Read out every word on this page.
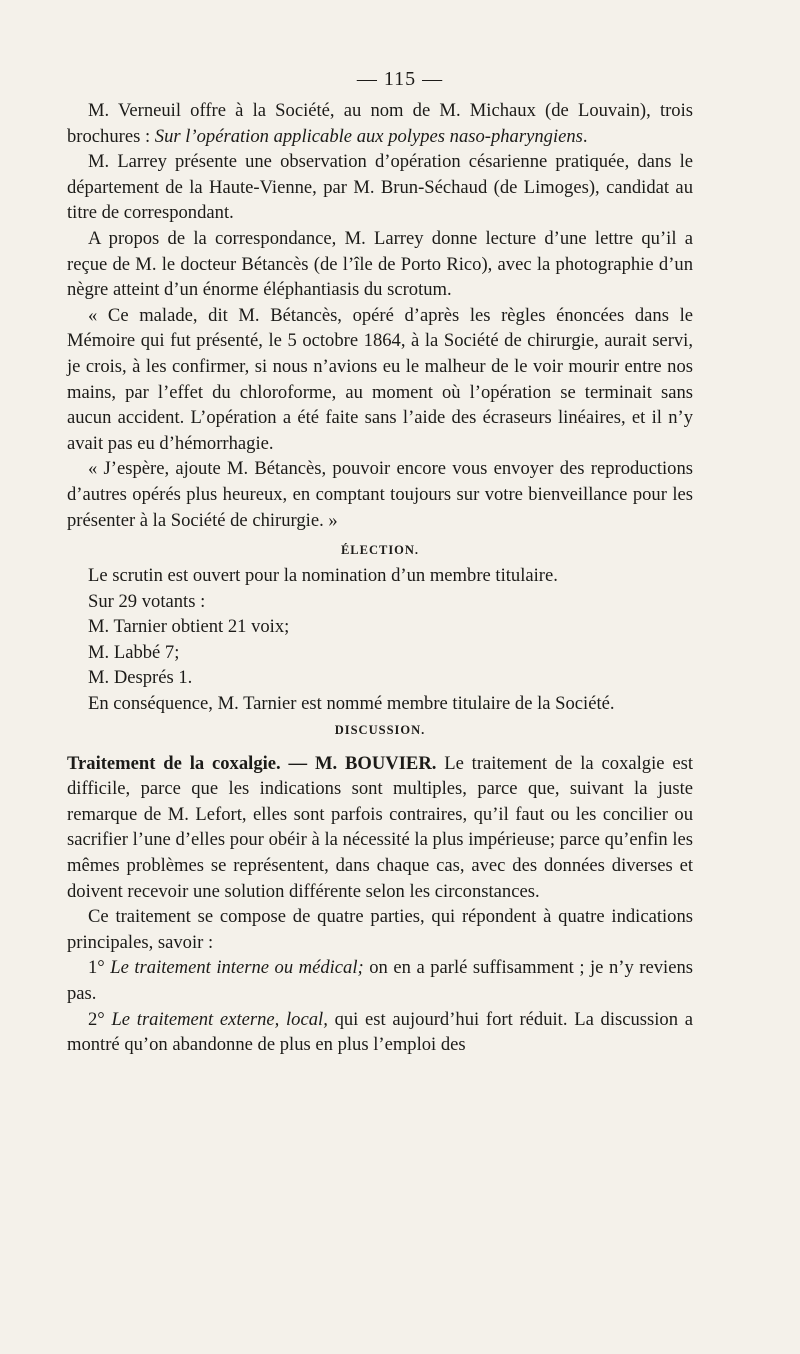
— 115 —

M. Verneuil offre à la Société, au nom de M. Michaux (de Louvain), trois brochures : Sur l’opération applicable aux polypes naso-pharyngiens.

M. Larrey présente une observation d’opération césarienne pratiquée, dans le département de la Haute-Vienne, par M. Brun-Séchaud (de Limoges), candidat au titre de correspondant.

A propos de la correspondance, M. Larrey donne lecture d’une lettre qu’il a reçue de M. le docteur Bétancès (de l’île de Porto Rico), avec la photographie d’un nègre atteint d’un énorme éléphantiasis du scrotum.

« Ce malade, dit M. Bétancès, opéré d’après les règles énoncées dans le Mémoire qui fut présenté, le 5 octobre 1864, à la Société de chirurgie, aurait servi, je crois, à les confirmer, si nous n’avions eu le malheur de le voir mourir entre nos mains, par l’effet du chloroforme, au moment où l’opération se terminait sans aucun accident. L’opération a été faite sans l’aide des écraseurs linéaires, et il n’y avait pas eu d’hémorrhagie.

« J’espère, ajoute M. Bétancès, pouvoir encore vous envoyer des reproductions d’autres opérés plus heureux, en comptant toujours sur votre bienveillance pour les présenter à la Société de chirurgie. »

ÉLECTION.

Le scrutin est ouvert pour la nomination d’un membre titulaire.

Sur 29 votants :

M. Tarnier obtient 21 voix;

M. Labbé 7;

M. Després 1.

En conséquence, M. Tarnier est nommé membre titulaire de la Société.

DISCUSSION.

Traitement de la coxalgie. — M. BOUVIER. Le traitement de la coxalgie est difficile, parce que les indications sont multiples, parce que, suivant la juste remarque de M. Lefort, elles sont parfois contraires, qu’il faut ou les concilier ou sacrifier l’une d’elles pour obéir à la nécessité la plus impérieuse; parce qu’enfin les mêmes problèmes se représentent, dans chaque cas, avec des données diverses et doivent recevoir une solution différente selon les circonstances.

Ce traitement se compose de quatre parties, qui répondent à quatre indications principales, savoir :

1° Le traitement interne ou médical; on en a parlé suffisamment ; je n’y reviens pas.

2° Le traitement externe, local, qui est aujourd’hui fort réduit. La discussion a montré qu’on abandonne de plus en plus l’emploi des
